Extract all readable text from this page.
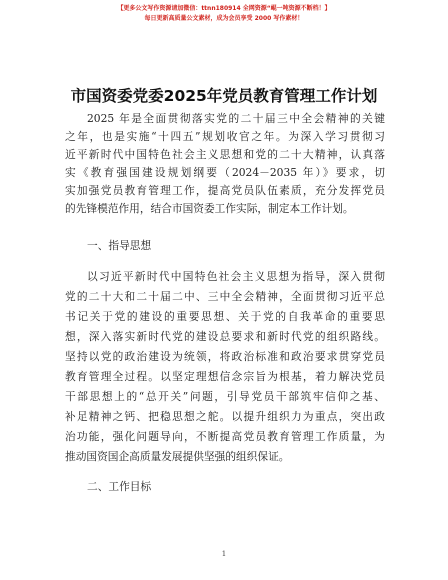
【更多公文写作资源请加微信：ttnn180914 全网资源“崐一吨资源不断档！】
每日更新高质量公文素材，成为会员享受 2000 写作素材！
市国资委党委2025年党员教育管理工作计划
2025 年是全面贯彻落实党的二十届三中全会精神的关键
之年，也是实施“十四五”规划收官之年。为深入学习贯彻习
近平新时代中国特色社会主义思想和党的二十大精神，认真落
实《教育强国建设规划纲要（2024－2035 年）》要求，切
实加强党员教育管理工作，提高党员队伍素质，充分发挥党员
的先锋模范作用，结合市国资委工作实际，制定本工作计划。
一、指导思想
以习近平新时代中国特色社会主义思想为指导，深入贯彻
党的二十大和二十届二中、三中全会精神，全面贯彻习近平总
书记关于党的建设的重要思想、关于党的自我革命的重要思
想，深入落实新时代党的建设总要求和新时代党的组织路线。
坚持以党的政治建设为统领，将政治标准和政治要求贯穿党员
教育管理全过程。以坚定理想信念宗旨为根基，着力解决党员
干部思想上的“总开关”问题，引导党员干部筑牢信仰之基、
补足精神之钙、把稳思想之舵。以提升组织力为重点，突出政
治功能，强化问题导向，不断提高党员教育管理工作质量，为
推动国资国企高质量发展提供坚强的组织保证。
二、工作目标
1
